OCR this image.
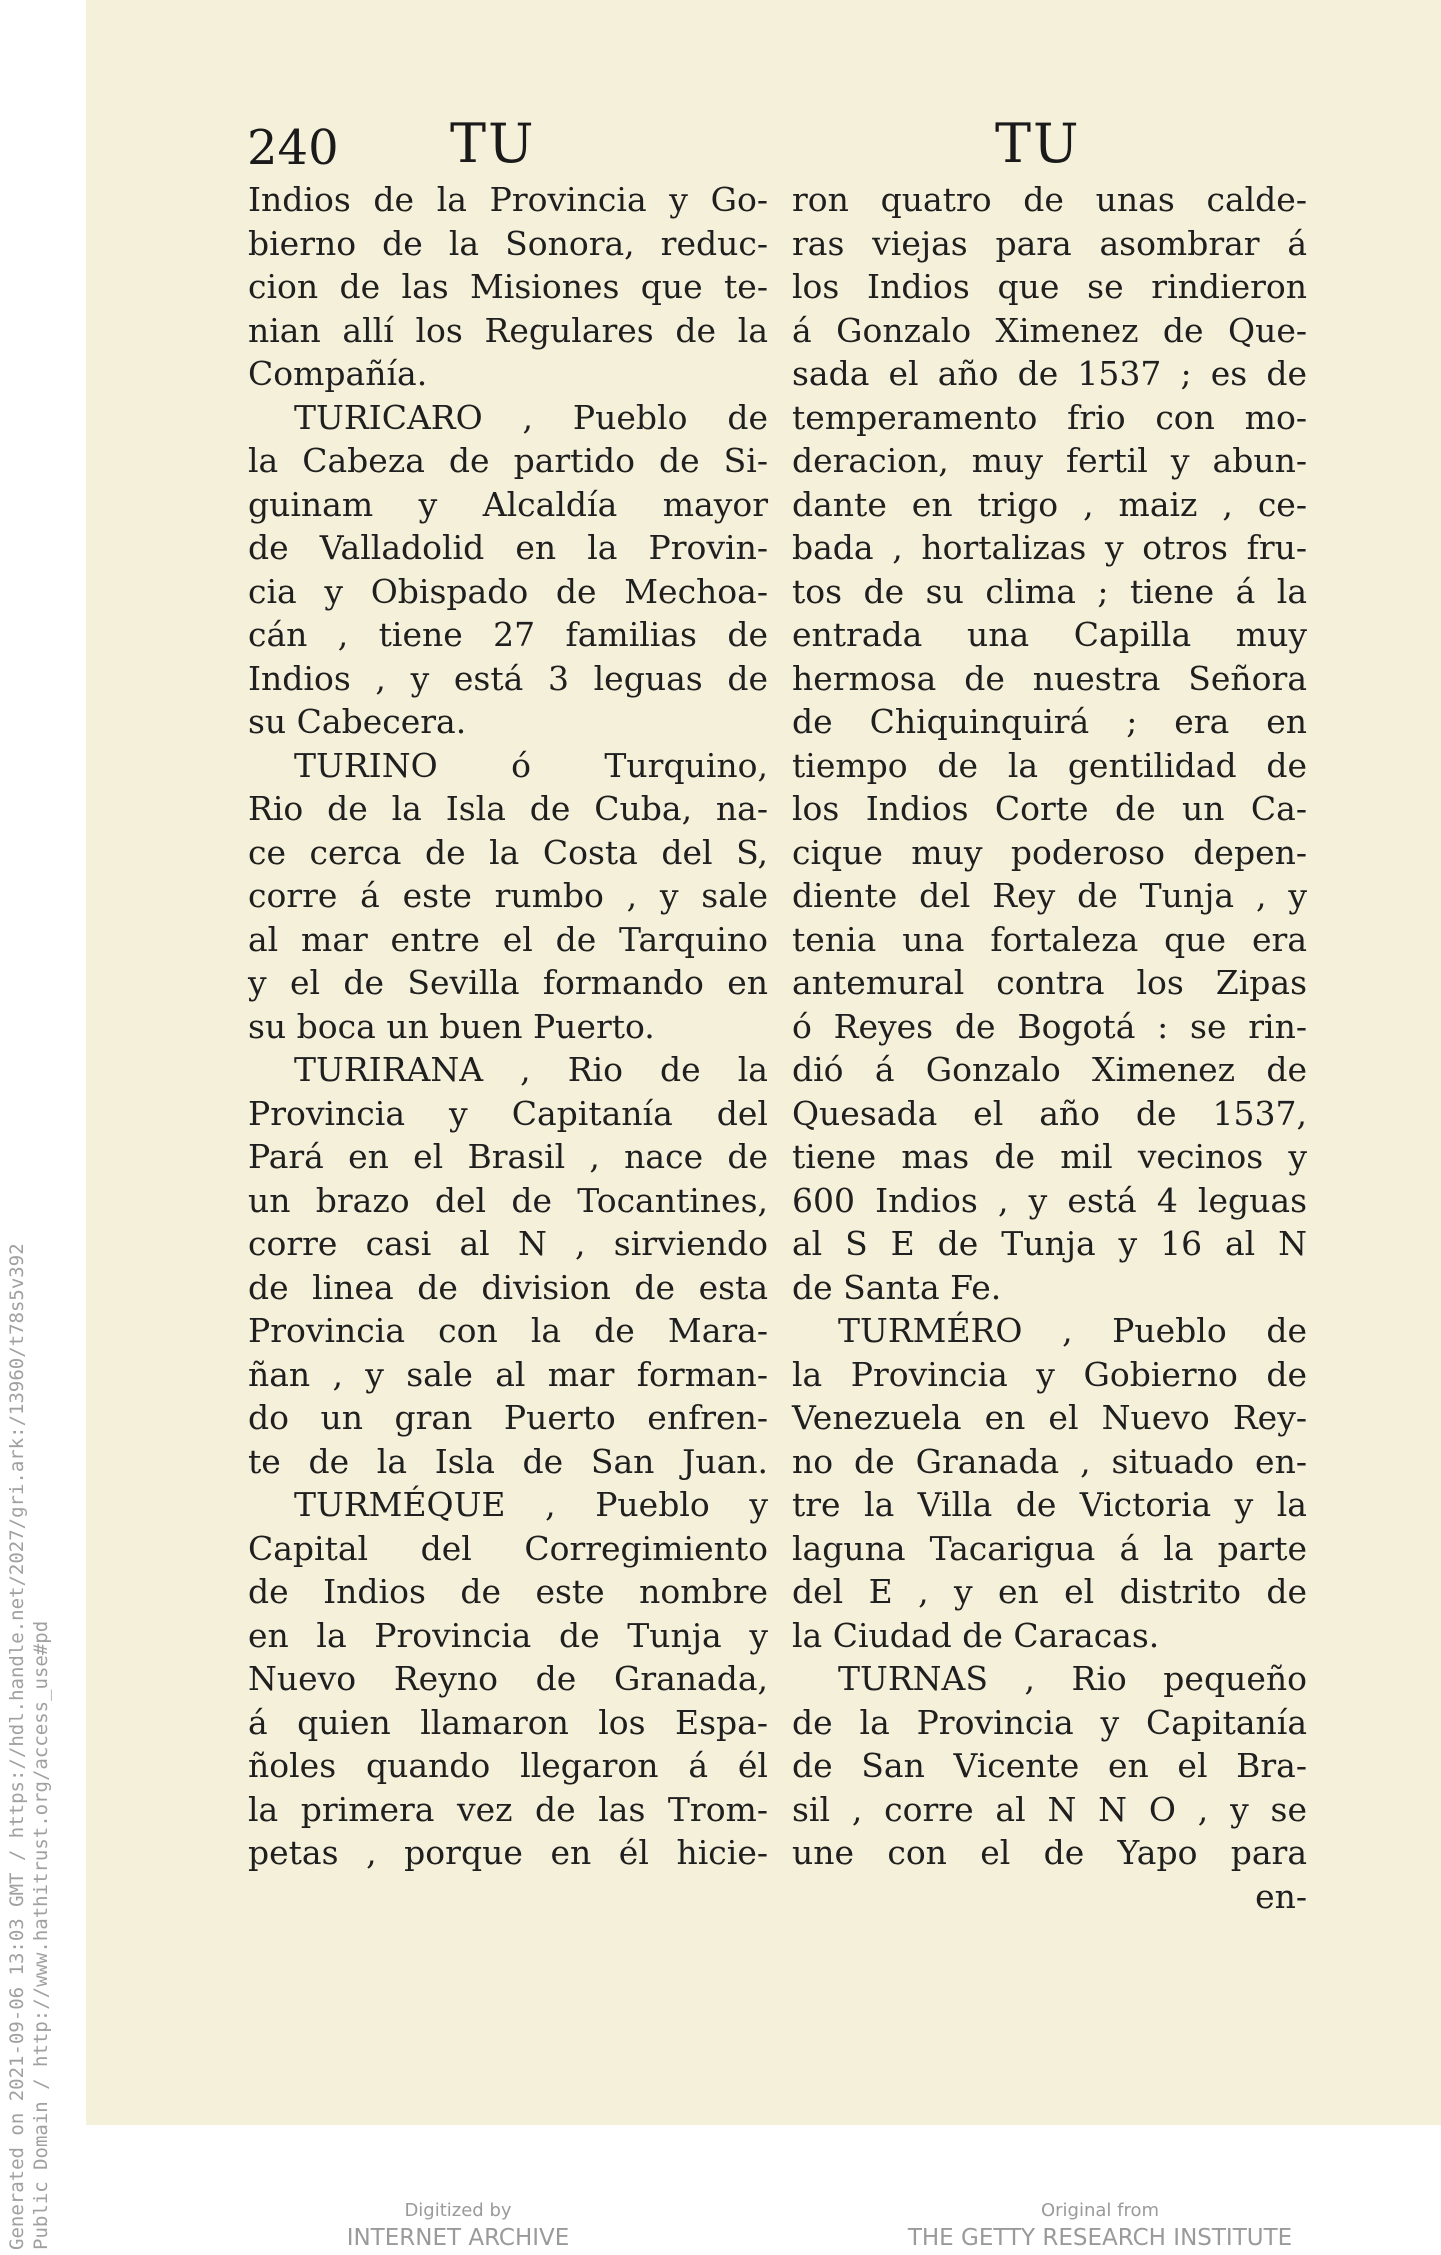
Generated on 2021-09-06 13:03 GMT / https://hdl.handle.net/2027/gri.ark:/13960/t78s5v392 Public Domain / http://www.hathitrust.org/access_use#pd
240 TU	TU
Indios de la Provincia y Go-
bierno de la Sonora, reduc-
cion de las Misiones que te-
nian allí los Regulares de la
Compañía.
TURICARO , Pueblo de
la Cabeza de partido de Si-
guinam y Alcaldía mayor
de Valladolid en la Provin-
cia y Obispado de Mechoa-
cán , tiene 27 familias de
Indios , y está 3 leguas de
su Cabecera.
TURINO ó Turquino,
Rio de la Isla de Cuba, na-
ce cerca de la Costa del S,
corre á este rumbo , y sale
al mar entre el de Tarquino
y el de Sevilla formando en
su boca un buen Puerto.
TURIRANA , Rio de la
Provincia y Capitanía del
Pará en el Brasil , nace de
un brazo del de Tocantines,
corre casi al N , sirviendo
de linea de division de esta
Provincia con la de Mara-
ñan , y sale al mar forman-
do un gran Puerto enfren-
te de la Isla de San Juan.
TURMÉQUE , Pueblo y
Capital del Corregimiento
de Indios de este nombre
en la Provincia de Tunja y
Nuevo Reyno de Granada,
á quien llamaron los Espa-
ñoles quando llegaron á él
la primera vez de las Trom-
petas , porque en él hicie-
ron quatro de unas calde-
ras viejas para asombrar á
los Indios que se rindieron
á Gonzalo Ximenez de Que-
sada el año de 1537 ; es de
temperamento frio con mo-
deracion, muy fertil y abun-
dante en trigo , maiz , ce-
bada , hortalizas y otros fru-
tos de su clima ; tiene á la
entrada una Capilla muy
hermosa de nuestra Señora
de Chiquinquirá ; era en
tiempo de la gentilidad de
los Indios Corte de un Ca-
cique muy poderoso depen-
diente del Rey de Tunja , y
tenia una fortaleza que era
antemural contra los Zipas
ó Reyes de Bogotá : se rin-
dió á Gonzalo Ximenez de
Quesada el año de 1537,
tiene mas de mil vecinos y
600 Indios , y está 4 leguas
al S E de Tunja y 16 al N
de Santa Fe.
TURMÉRO , Pueblo de
la Provincia y Gobierno de
Venezuela en el Nuevo Rey-
no de Granada , situado en-
tre la Villa de Victoria y la
laguna Tacarigua á la parte
del E , y en el distrito de
la Ciudad de Caracas.
TURNAS , Rio pequeño
de la Provincia y Capitanía
de San Vicente en el Bra-
sil , corre al N N O , y se
une con el de Yapo para
en-
Digitized by
INTERNET ARCHIVE
Original from
THE GETTY RESEARCH INSTITUTE
